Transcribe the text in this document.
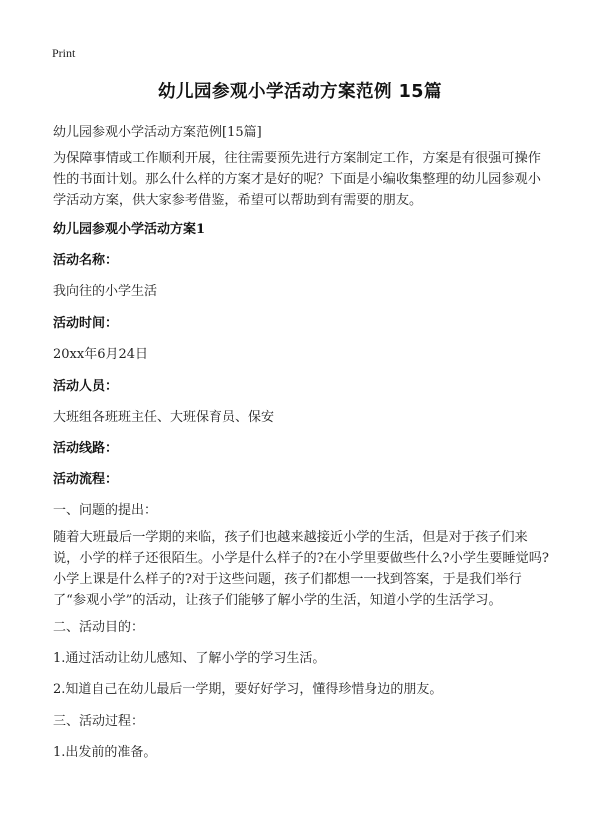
Print
幼儿园参观小学活动方案范例 15篇
幼儿园参观小学活动方案范例[15篇]

为保障事情或工作顺利开展，往往需要预先进行方案制定工作，方案是有很强可操作性的书面计划。那么什么样的方案才是好的呢？下面是小编收集整理的幼儿园参观小学活动方案，供大家参考借鉴，希望可以帮助到有需要的朋友。

幼儿园参观小学活动方案1
活动名称：
我向往的小学生活
活动时间：
20xx年6月24日
活动人员：
大班组各班班主任、大班保育员、保安
活动线路：
活动流程：
一、问题的提出：

随着大班最后一学期的来临，孩子们也越来越接近小学的生活，但是对于孩子们来说，小学的样子还很陌生。小学是什么样子的?在小学里要做些什么?小学生要睡觉吗?小学上课是什么样子的?对于这些问题，孩子们都想一一找到答案，于是我们举行了“参观小学”的活动，让孩子们能够了解小学的生活，知道小学的生活学习。

二、活动目的：
1.通过活动让幼儿感知、了解小学的学习生活。
2.知道自己在幼儿最后一学期，要好好学习，懂得珍惜身边的朋友。
三、活动过程：
1.出发前的准备。
